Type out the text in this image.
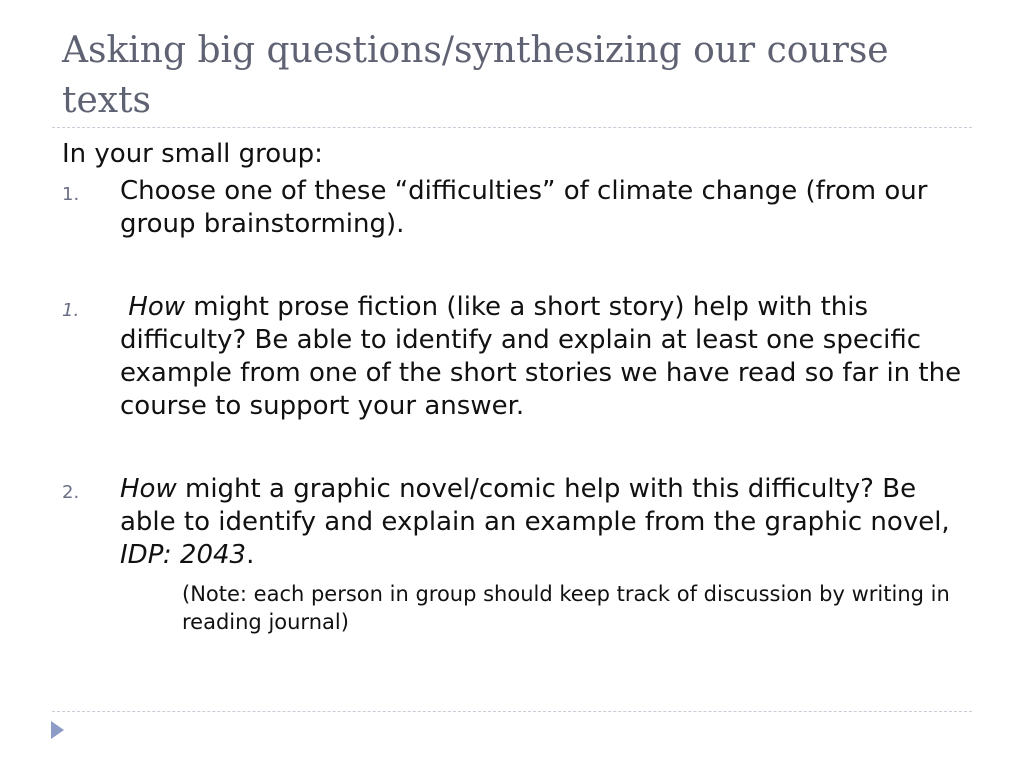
Asking big questions/synthesizing our course texts

In your small group:

1. Choose one of these “difficulties” of climate change (from our group brainstorming).
1.	How might prose fiction (like a short story) help with this difficulty? Be able to identify and explain at least one specific example from one of the short stories we have read so far in the course to support your answer.
2. How might a graphic novel/comic help with this difficulty? Be able to identify and explain an example from the graphic novel, IDP: 2043.
(Note: each person in group should keep track of discussion by writing in reading journal)
